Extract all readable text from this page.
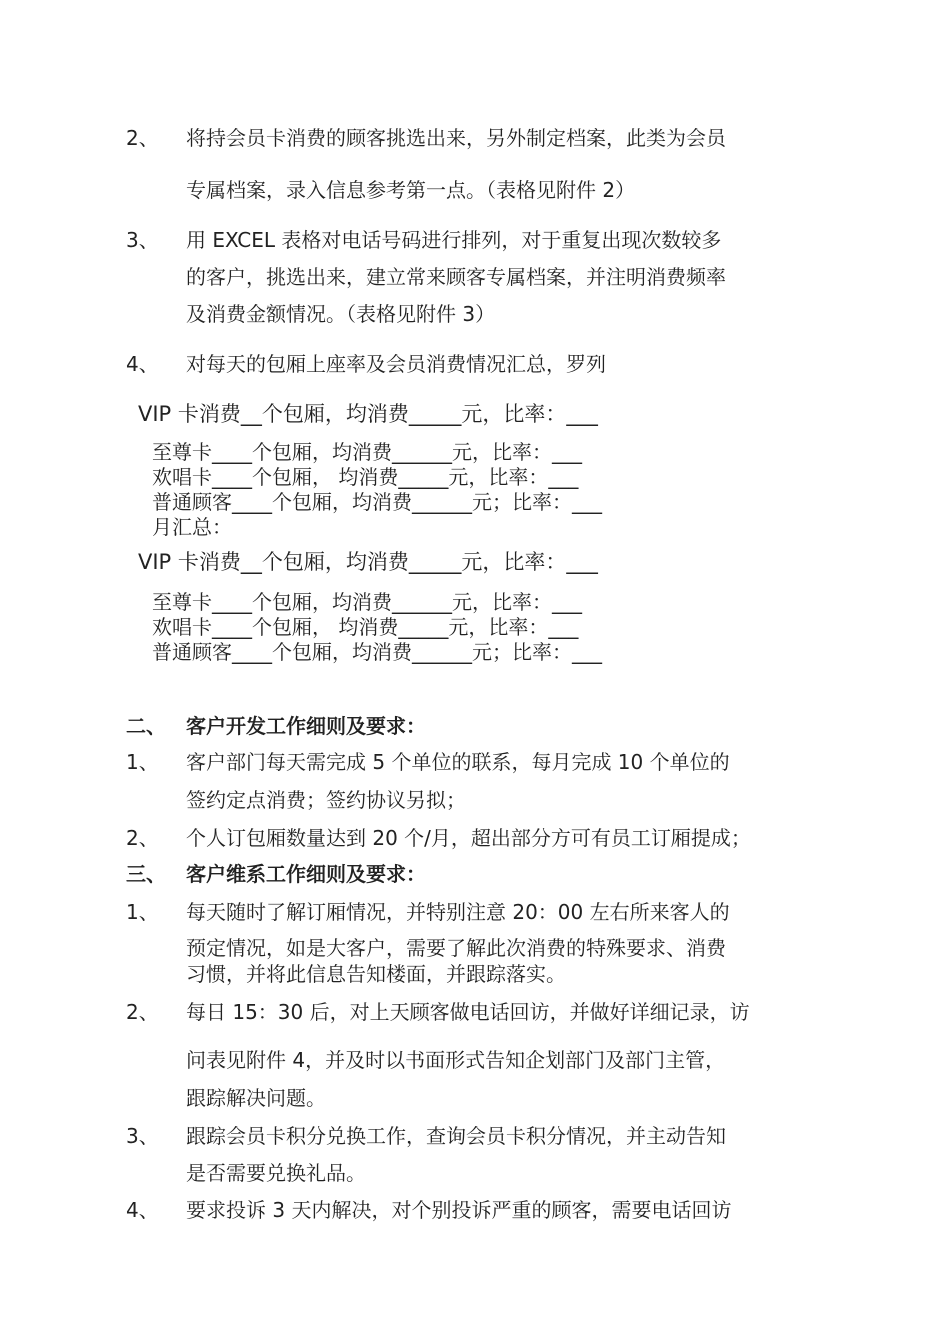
2、 将持会员卡消费的顾客挑选出来，另外制定档案，此类为会员
专属档案，录入信息参考第一点。（表格见附件 2）
3、 用 EXCEL 表格对电话号码进行排列，对于重复出现次数较多
的客户，挑选出来，建立常来顾客专属档案，并注明消费频率
及消费金额情况。（表格见附件 3）
4、 对每天的包厢上座率及会员消费情况汇总，罗列
VIP 卡消费__个包厢，均消费_____元，比率：___
至尊卡____个包厢，均消费______元，比率：___
欢唱卡____个包厢， 均消费_____元，比率：___
普通顾客____个包厢，均消费______元；比率：___
月汇总：
VIP 卡消费__个包厢，均消费_____元，比率：___
至尊卡____个包厢，均消费______元，比率：___
欢唱卡____个包厢， 均消费_____元，比率：___
普通顾客____个包厢，均消费______元；比率：___
二、 客户开发工作细则及要求：
1、 客户部门每天需完成 5 个单位的联系，每月完成 10 个单位的
签约定点消费；签约协议另拟；
2、 个人订包厢数量达到 20 个/月，超出部分方可有员工订厢提成；
三、 客户维系工作细则及要求：
1、 每天随时了解订厢情况，并特别注意 20：00 左右所来客人的
预定情况，如是大客户，需要了解此次消费的特殊要求、消费
习惯，并将此信息告知楼面，并跟踪落实。
2、 每日 15：30 后，对上天顾客做电话回访，并做好详细记录，访
问表见附件 4，并及时以书面形式告知企划部门及部门主管，
跟踪解决问题。
3、 跟踪会员卡积分兑换工作，查询会员卡积分情况，并主动告知
是否需要兑换礼品。
4、 要求投诉 3 天内解决，对个别投诉严重的顾客，需要电话回访
